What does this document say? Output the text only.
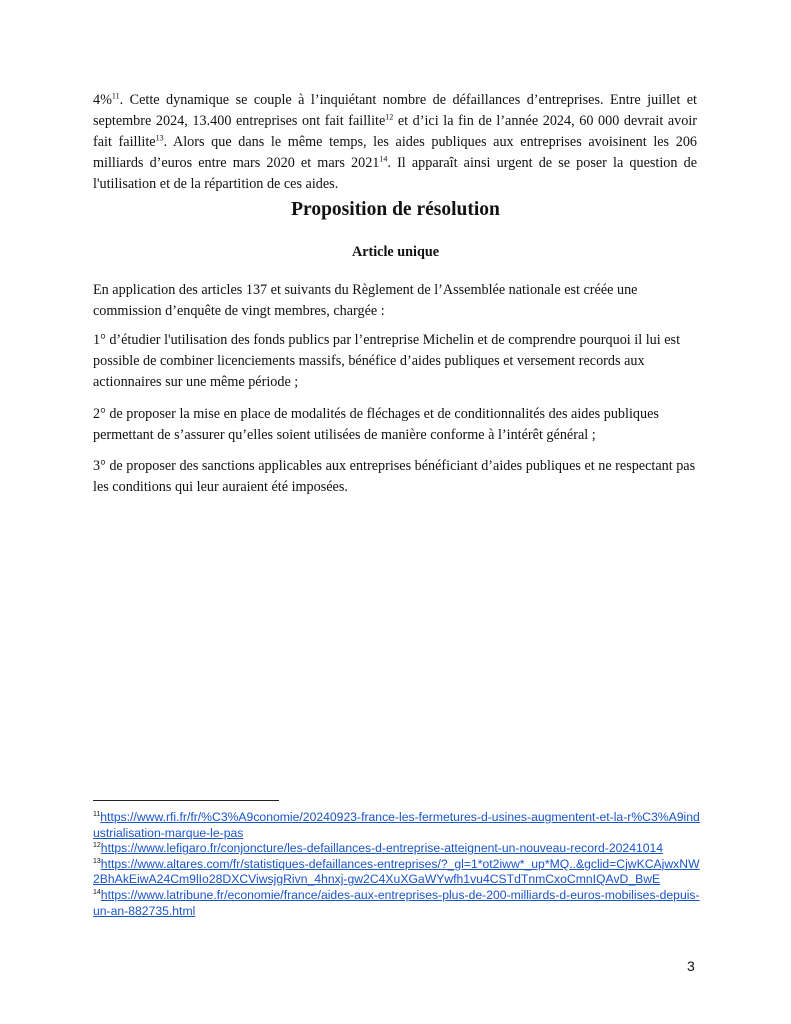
4%$^{11}$. Cette dynamique se couple à l’inquiétant nombre de défaillances d’entreprises. Entre juillet et septembre 2024, 13.400 entreprises ont fait faillite$^{12}$ et d’ici la fin de l’année 2024, 60 000 devrait avoir fait faillite$^{13}$. Alors que dans le même temps, les aides publiques aux entreprises avoisinent les 206 milliards d’euros entre mars 2020 et mars 2021$^{14}$. Il apparaît ainsi urgent de se poser la question de l'utilisation et de la répartition de ces aides.

Proposition de résolution
Article unique

En application des articles 137 et suivants du Règlement de l’Assemblée nationale est créée une commission d’enquête de vingt membres, chargée :

1° d’étudier l'utilisation des fonds publics par l’entreprise Michelin et de comprendre pourquoi il lui est possible de combiner licenciements massifs, bénéfice d’aides publiques et versement records aux actionnaires sur une même période ;

2° de proposer la mise en place de modalités de fléchages et de conditionnalités des aides publiques permettant de s’assurer qu’elles soient utilisées de manière conforme à l’intérêt général ;

3° de proposer des sanctions applicables aux entreprises bénéficiant d’aides publiques et ne respectant pas les conditions qui leur auraient été imposées.

$^{11}$https://www.rfi.fr/fr/%C3%A9conomie/20240923-france-les-fermetures-d-usines-augmentent-et-la-r%C3%A9industrialisation-marque-le-pas

$^{12}$https://www.lefigaro.fr/conjoncture/les-defaillances-d-entreprise-atteignent-un-nouveau-record-20241014

$^{13}$https://www.altares.com/fr/statistiques-defaillances-entreprises/?_gl=1*ot2iww*_up*MQ..&gclid=CjwKCAjwxNW2BhAkEiwA24Cm9lIo28DXCViwsjgRivn_4hnxj-gw2C4XuXGaWYwfh1vu4CSTdTnmCxoCmnIQAvD_BwE

$^{14}$https://www.latribune.fr/economie/france/aides-aux-entreprises-plus-de-200-milliards-d-euros-mobilises-depuis-un-an-882735.html

3
